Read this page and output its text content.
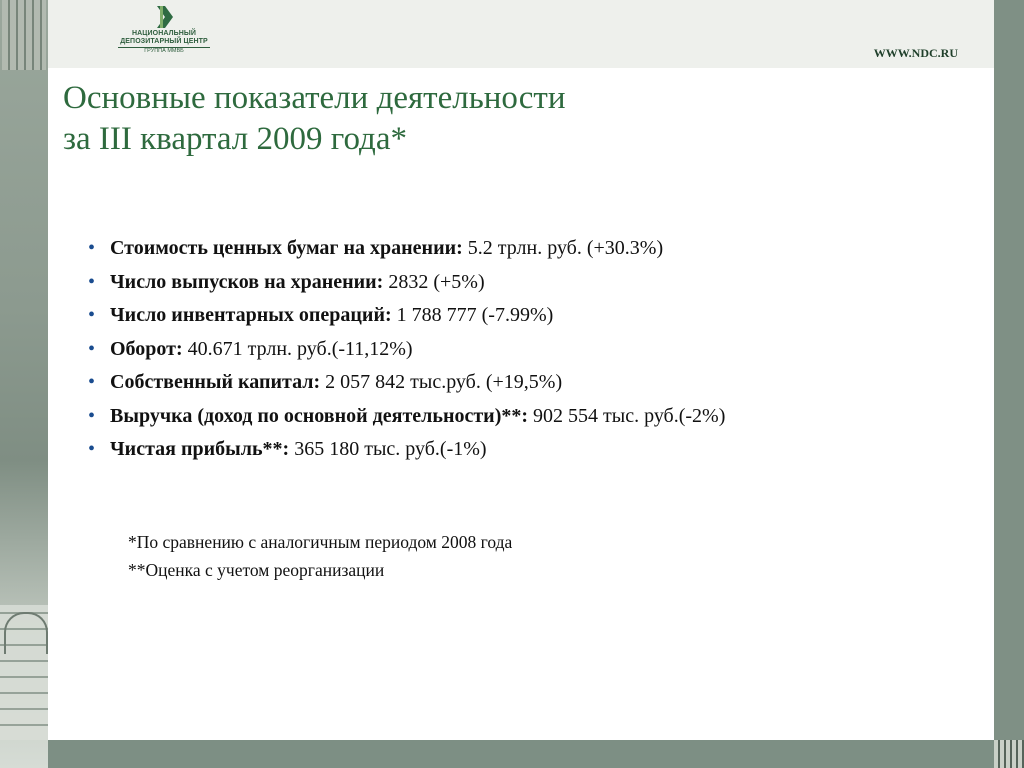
НАЦИОНАЛЬНЫЙ
ДЕПОЗИТАРНЫЙ ЦЕНТР
ГРУППА ММВБ	WWW.NDC.RU
Основные показатели деятельности
за III квартал 2009 года*
• Стоимость ценных бумаг на хранении: 5.2 трлн. руб. (+30.3%)
• Число выпусков на хранении: 2832 (+5%)
• Число инвентарных операций: 1 788 777 (-7.99%)
• Оборот: 40.671 трлн. руб.(-11,12%)
• Собственный капитал: 2 057 842 тыс.руб. (+19,5%)
• Выручка (доход по основной деятельности)**: 902 554 тыс. руб.(-2%)
• Чистая прибыль**: 365 180 тыс. руб.(-1%)
*По сравнению с аналогичным периодом 2008 года
**Оценка с учетом реорганизации
